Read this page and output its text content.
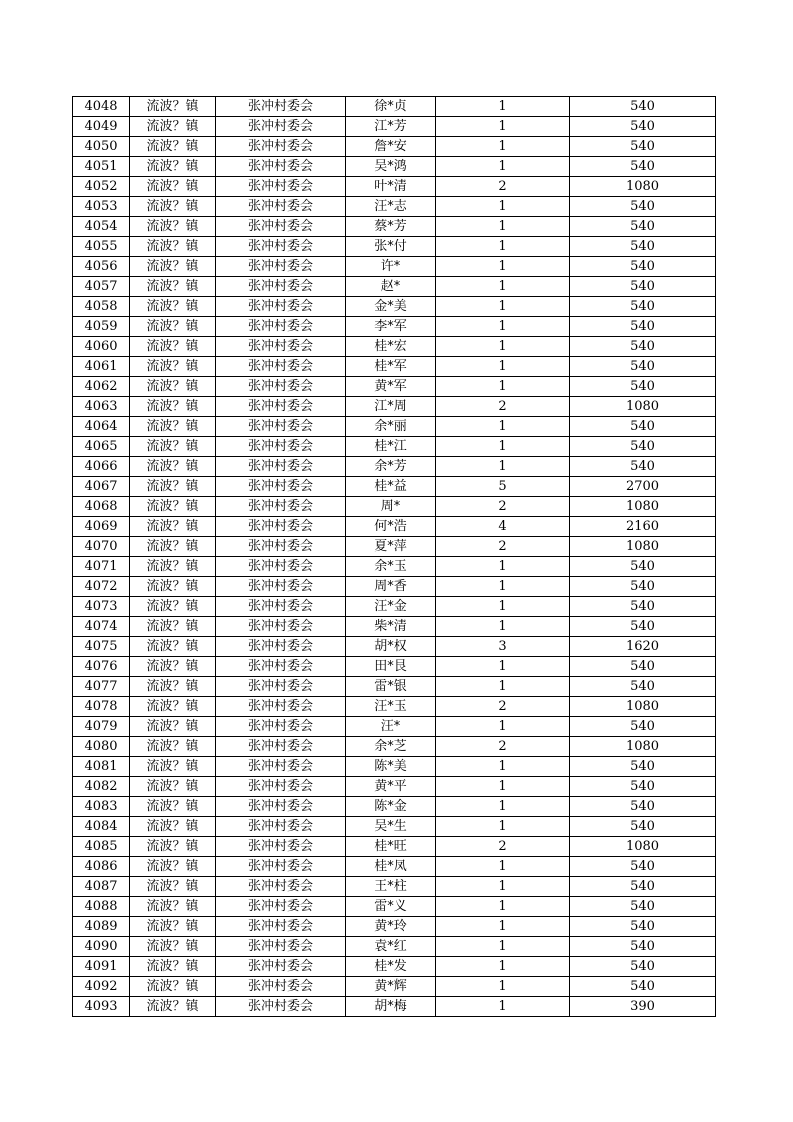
4048	流波？镇	张冲村委会	徐*贞	1	540
4049	流波？镇	张冲村委会	江*芳	1	540
4050	流波？镇	张冲村委会	詹*安	1	540
4051	流波？镇	张冲村委会	吴*鸿	1	540
4052	流波？镇	张冲村委会	叶*清	2	1080
4053	流波？镇	张冲村委会	汪*志	1	540
4054	流波？镇	张冲村委会	蔡*芳	1	540
4055	流波？镇	张冲村委会	张*付	1	540
4056	流波？镇	张冲村委会	许*	1	540
4057	流波？镇	张冲村委会	赵*	1	540
4058	流波？镇	张冲村委会	金*美	1	540
4059	流波？镇	张冲村委会	李*军	1	540
4060	流波？镇	张冲村委会	桂*宏	1	540
4061	流波？镇	张冲村委会	桂*军	1	540
4062	流波？镇	张冲村委会	黄*军	1	540
4063	流波？镇	张冲村委会	江*周	2	1080
4064	流波？镇	张冲村委会	余*丽	1	540
4065	流波？镇	张冲村委会	桂*江	1	540
4066	流波？镇	张冲村委会	余*芳	1	540
4067	流波？镇	张冲村委会	桂*益	5	2700
4068	流波？镇	张冲村委会	周*	2	1080
4069	流波？镇	张冲村委会	何*浩	4	2160
4070	流波？镇	张冲村委会	夏*萍	2	1080
4071	流波？镇	张冲村委会	余*玉	1	540
4072	流波？镇	张冲村委会	周*香	1	540
4073	流波？镇	张冲村委会	汪*金	1	540
4074	流波？镇	张冲村委会	柴*清	1	540
4075	流波？镇	张冲村委会	胡*权	3	1620
4076	流波？镇	张冲村委会	田*艮	1	540
4077	流波？镇	张冲村委会	雷*银	1	540
4078	流波？镇	张冲村委会	汪*玉	2	1080
4079	流波？镇	张冲村委会	汪*	1	540
4080	流波？镇	张冲村委会	余*芝	2	1080
4081	流波？镇	张冲村委会	陈*美	1	540
4082	流波？镇	张冲村委会	黄*平	1	540
4083	流波？镇	张冲村委会	陈*金	1	540
4084	流波？镇	张冲村委会	吴*生	1	540
4085	流波？镇	张冲村委会	桂*旺	2	1080
4086	流波？镇	张冲村委会	桂*凤	1	540
4087	流波？镇	张冲村委会	王*柱	1	540
4088	流波？镇	张冲村委会	雷*义	1	540
4089	流波？镇	张冲村委会	黄*玲	1	540
4090	流波？镇	张冲村委会	袁*红	1	540
4091	流波？镇	张冲村委会	桂*发	1	540
4092	流波？镇	张冲村委会	黄*辉	1	540
4093	流波？镇	张冲村委会	胡*梅	1	390
